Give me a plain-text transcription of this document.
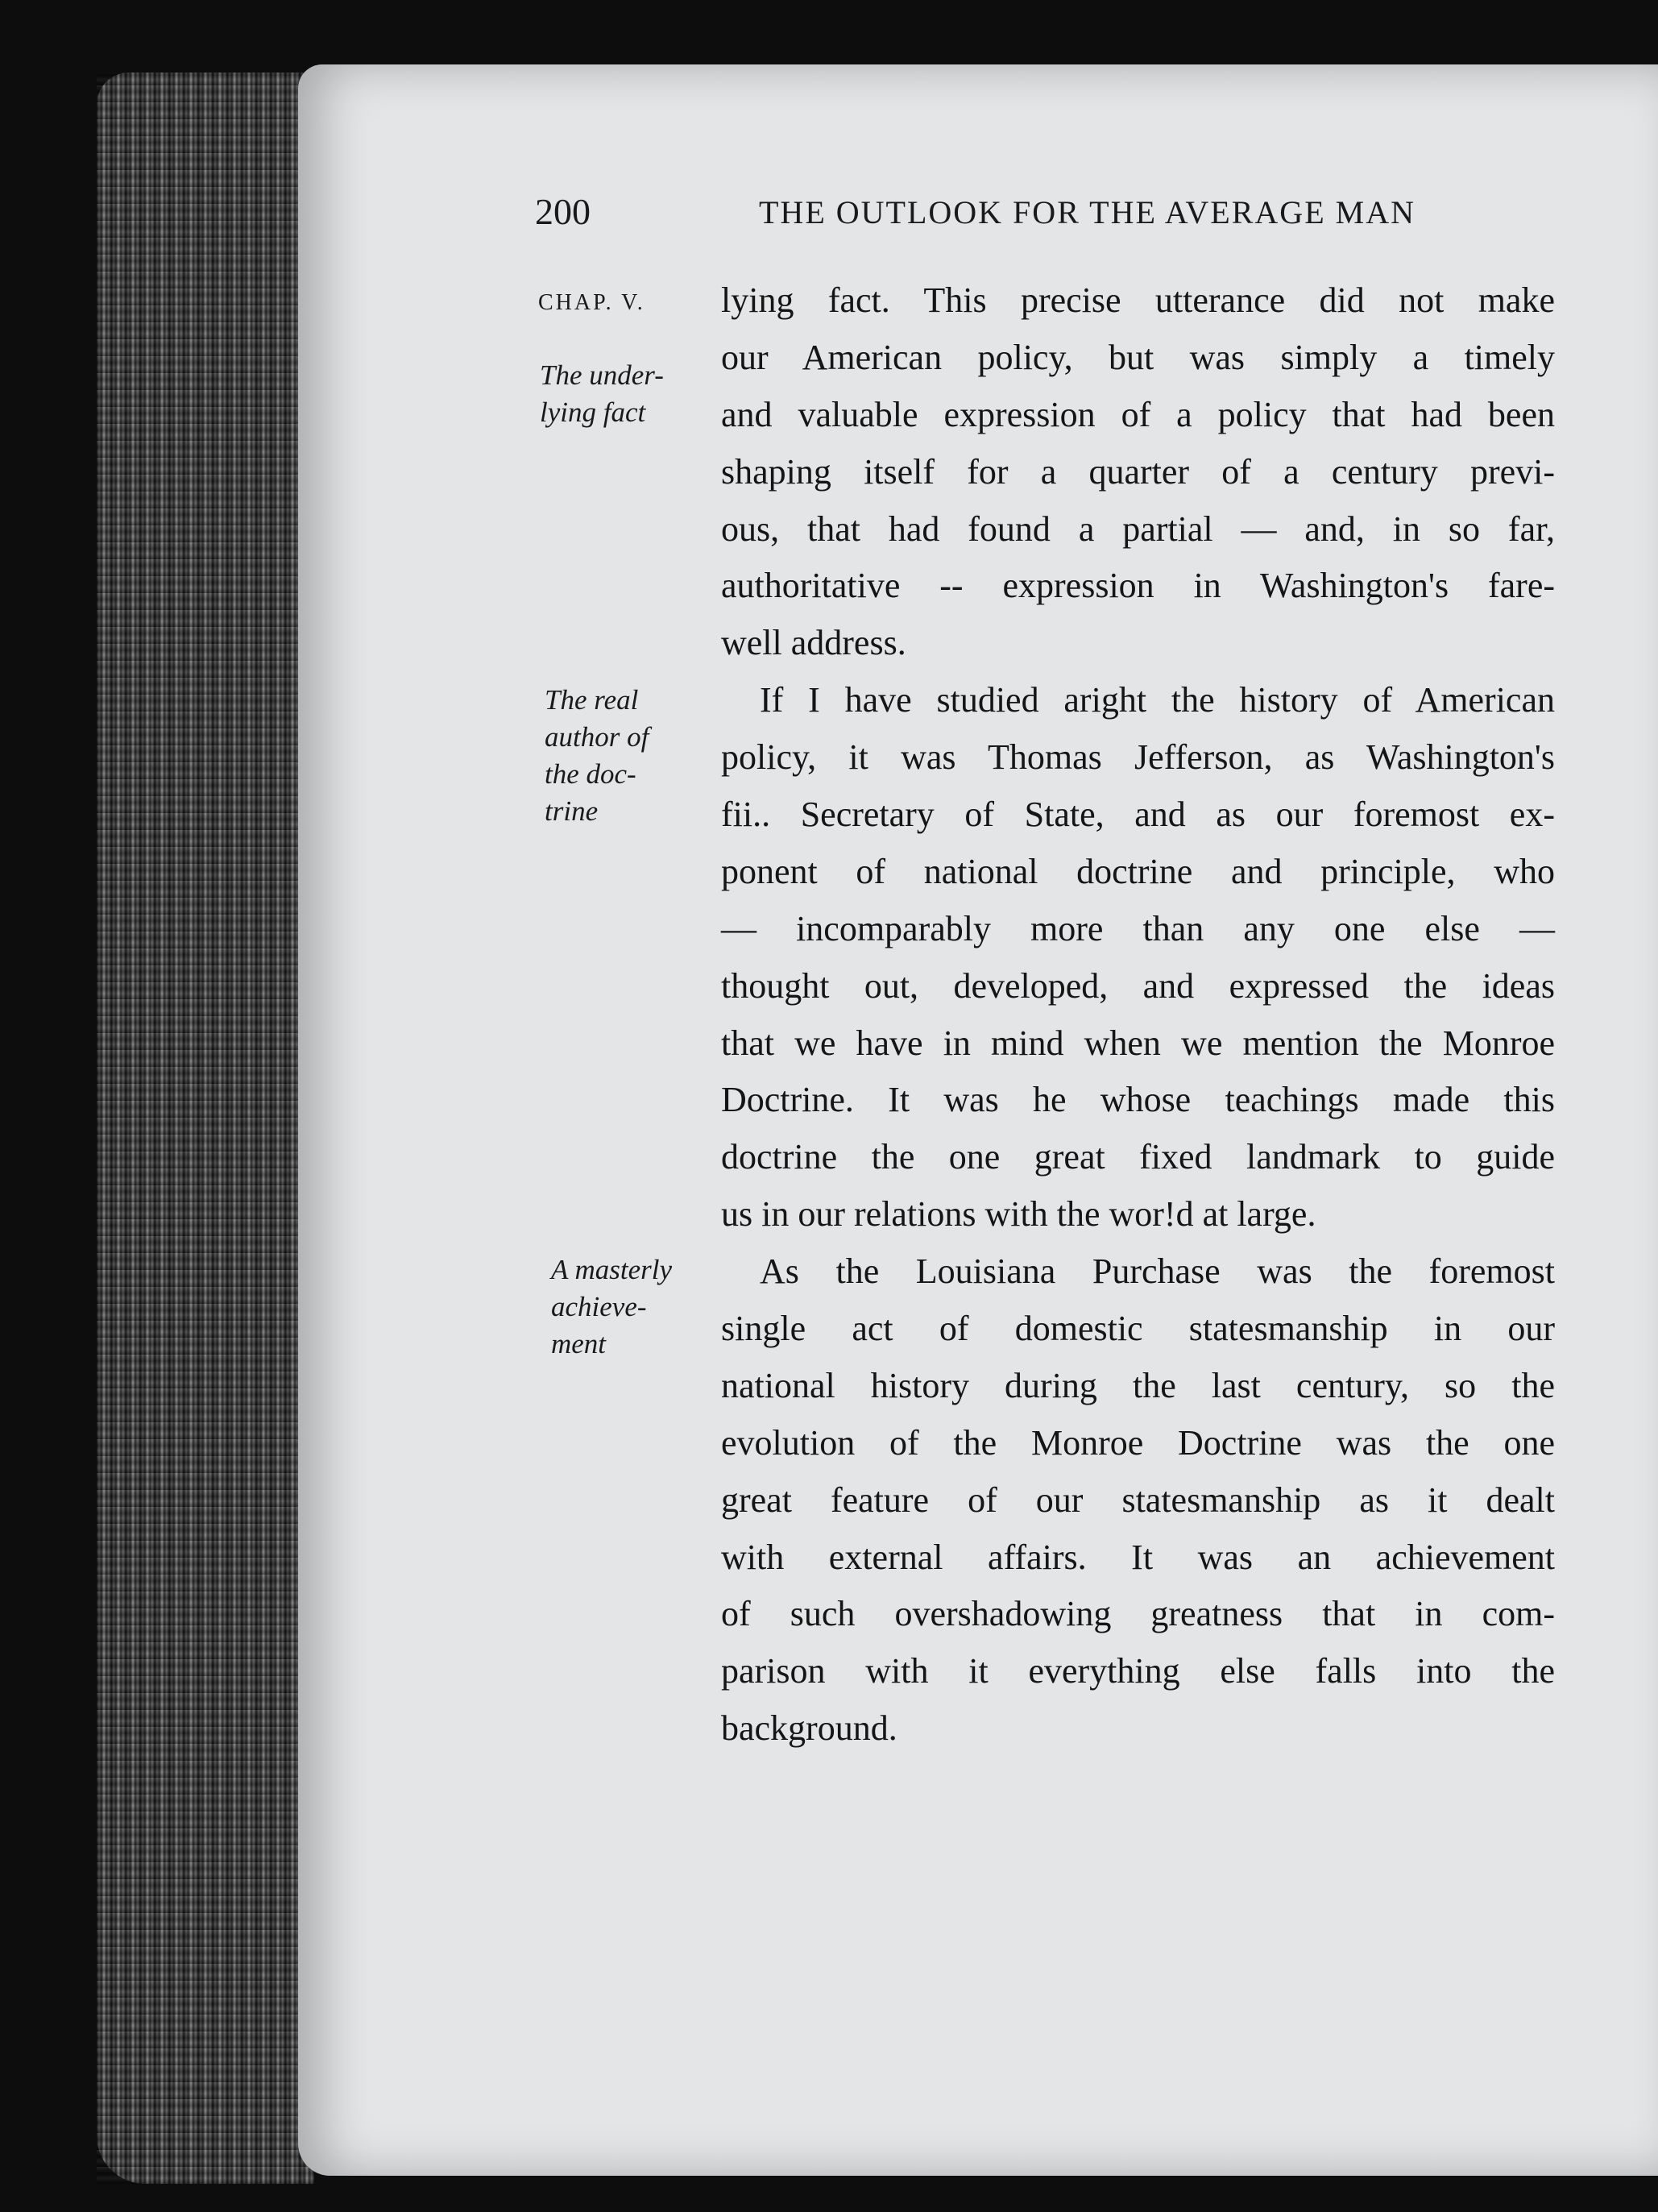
200	THE OUTLOOK FOR THE AVERAGE MAN
CHAP. V.
The under-
lying fact
The real
author of
the doc-
trine
A masterly
achieve-
ment
lying fact. This precise utterance did not make
our American policy, but was simply a timely
and valuable expression of a policy that had been
shaping itself for a quarter of a century previ-
ous, that had found a partial — and, in so far,
authoritative -- expression in Washington's fare-
well address.
If I have studied aright the history of American
policy, it was Thomas Jefferson, as Washington's
fii.. Secretary of State, and as our foremost ex-
ponent of national doctrine and principle, who
— incomparably more than any one else —
thought out, developed, and expressed the ideas
that we have in mind when we mention the Monroe
Doctrine. It was he whose teachings made this
doctrine the one great fixed landmark to guide
us in our relations with the wor!d at large.
As the Louisiana Purchase was the foremost
single act of domestic statesmanship in our
national history during the last century, so the
evolution of the Monroe Doctrine was the one
great feature of our statesmanship as it dealt
with external affairs. It was an achievement
of such overshadowing greatness that in com-
parison with it everything else falls into the
background.
